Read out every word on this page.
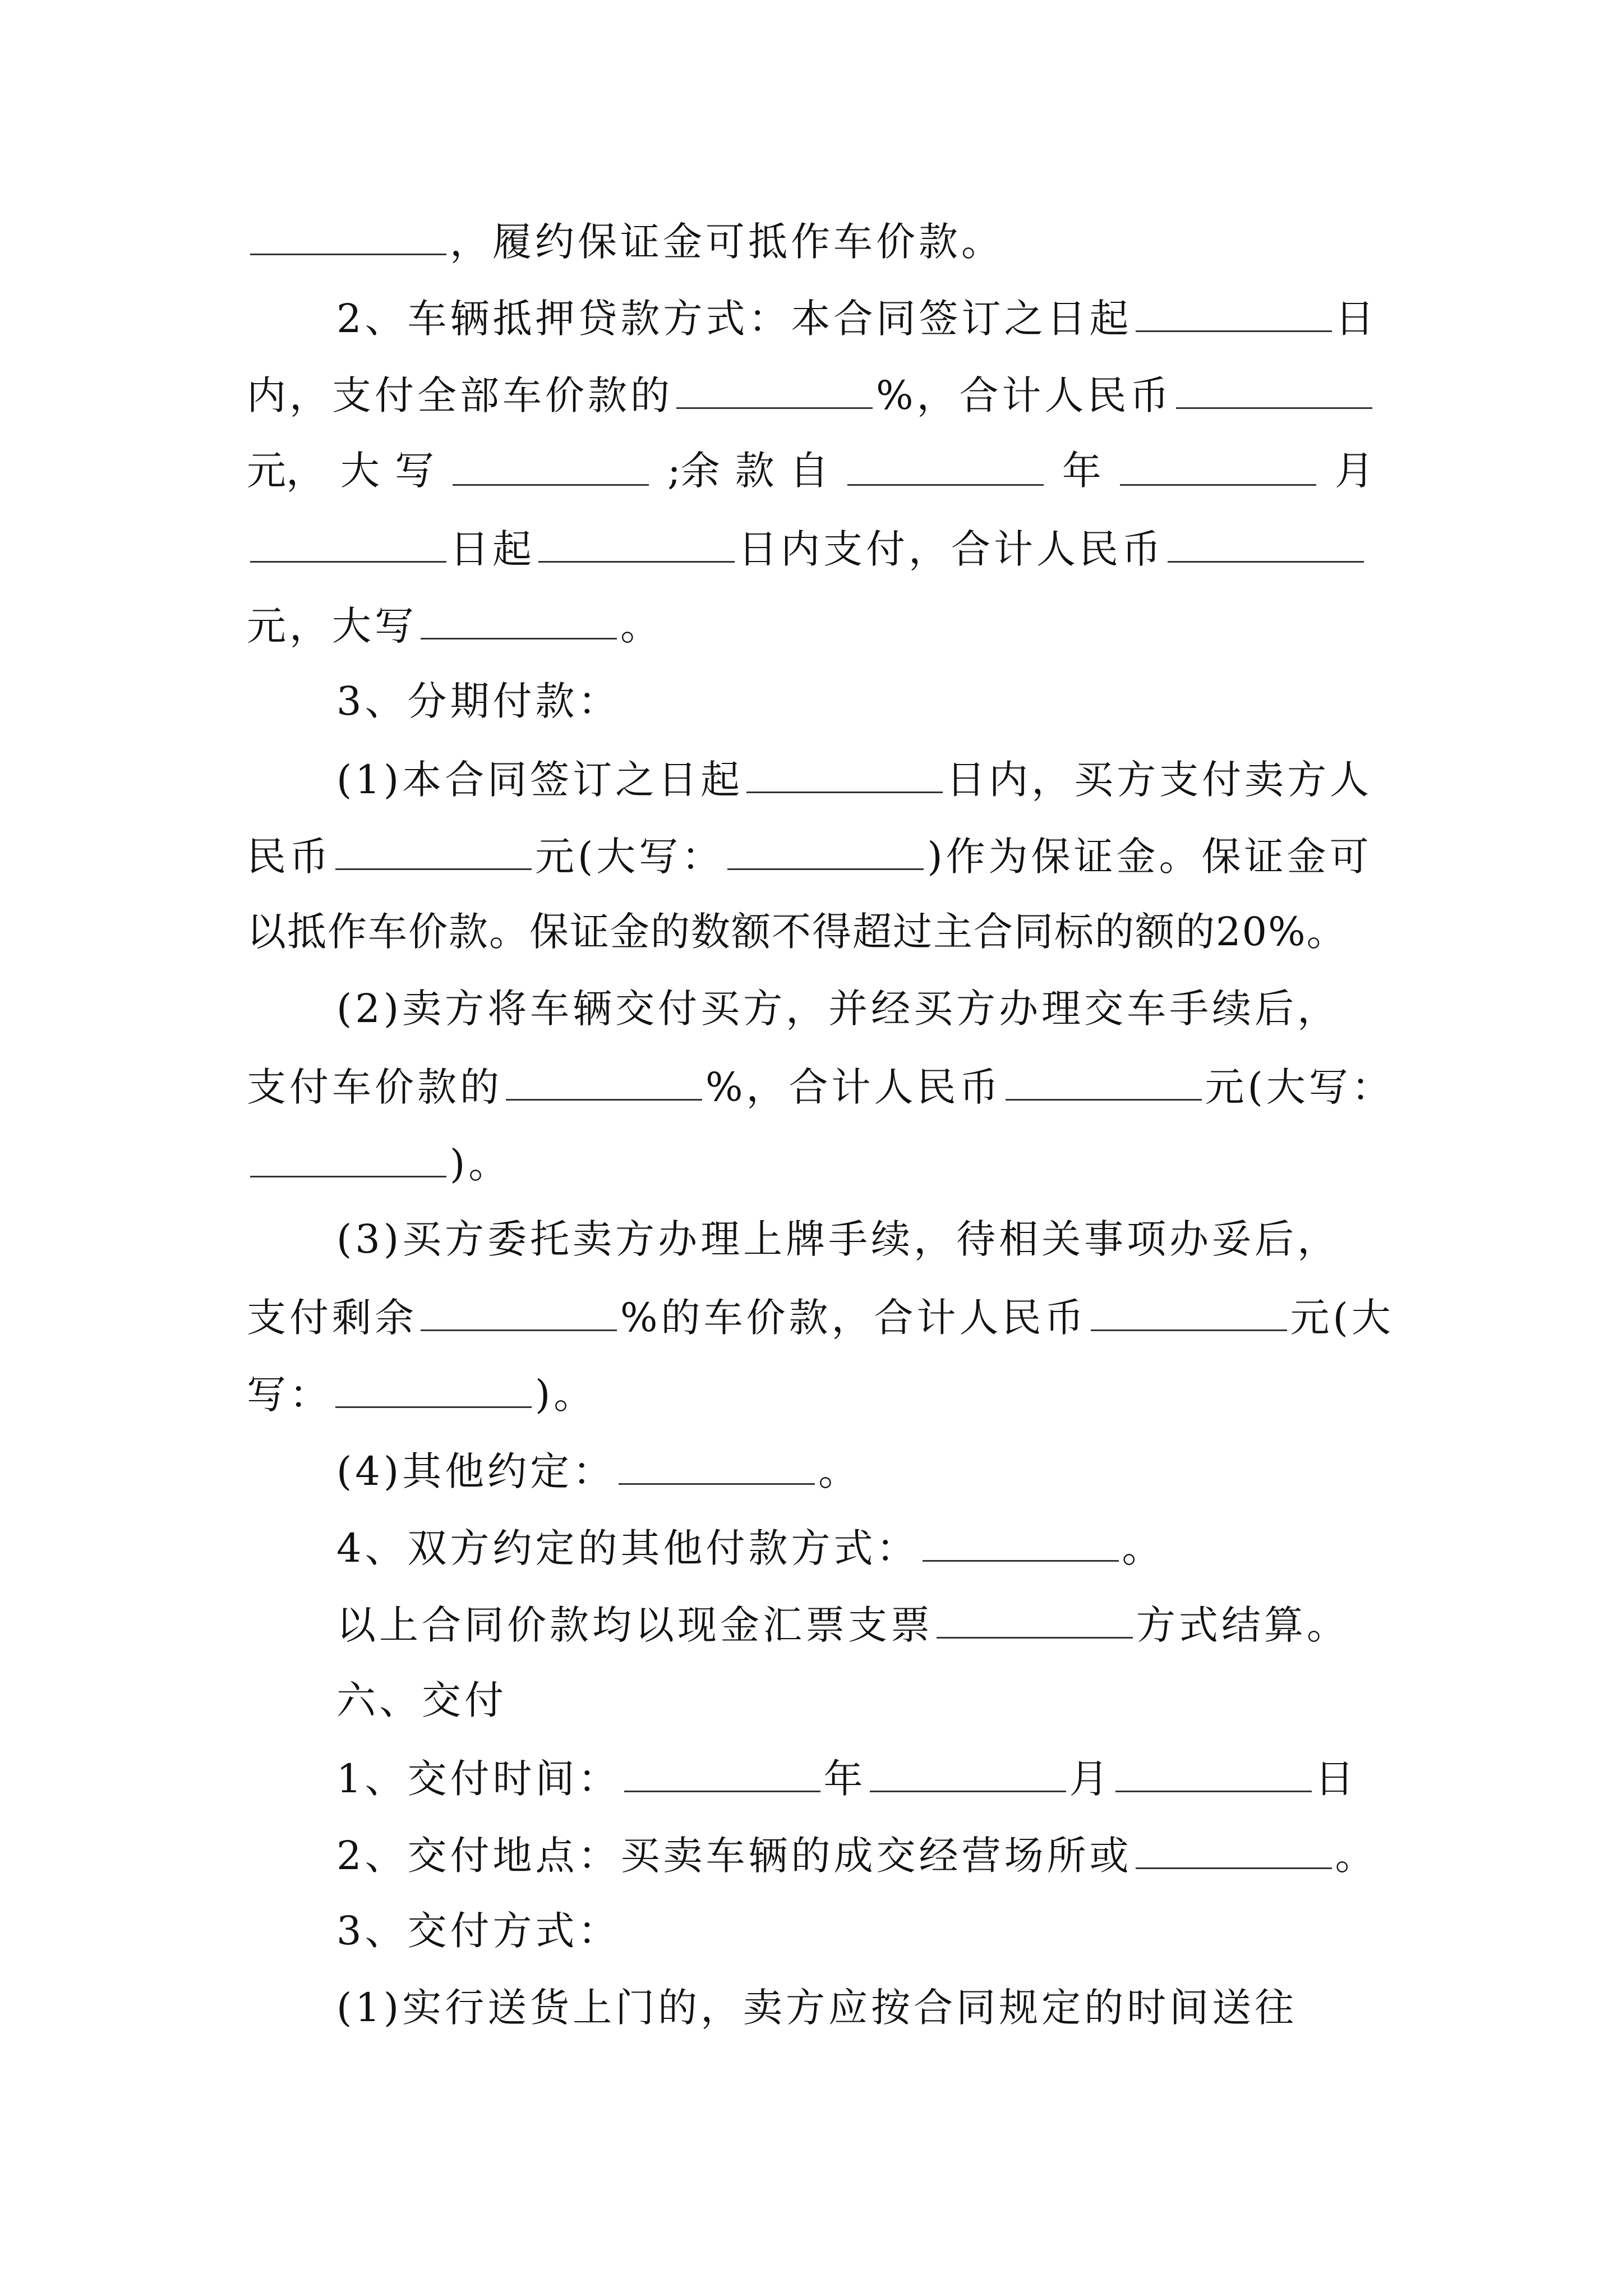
，履约保证金可抵作车价款。
2、车辆抵押贷款方式：本合同签订之日起	日
内，支付全部车价款的	%，合计人民币
元， 大 写	;余 款 自	年	月
日起	日内支付，合计人民币
元，大写	。
3、分期付款：
(1)本合同签订之日起	日内，买方支付卖方人
民币	元(大写：	)作为保证金。保证金可
以抵作车价款。保证金的数额不得超过主合同标的额的20%。
(2)卖方将车辆交付买方，并经买方办理交车手续后，
支付车价款的	%，合计人民币	元(大写：
)。
(3)买方委托卖方办理上牌手续，待相关事项办妥后，
支付剩余	%的车价款，合计人民币	元(大
写：	)。
(4)其他约定：	。
4、双方约定的其他付款方式：	。
以上合同价款均以现金汇票支票	方式结算。
六、交付
1、交付时间：	年	月	日
2、交付地点：买卖车辆的成交经营场所或	。
3、交付方式：
(1)实行送货上门的，卖方应按合同规定的时间送往
